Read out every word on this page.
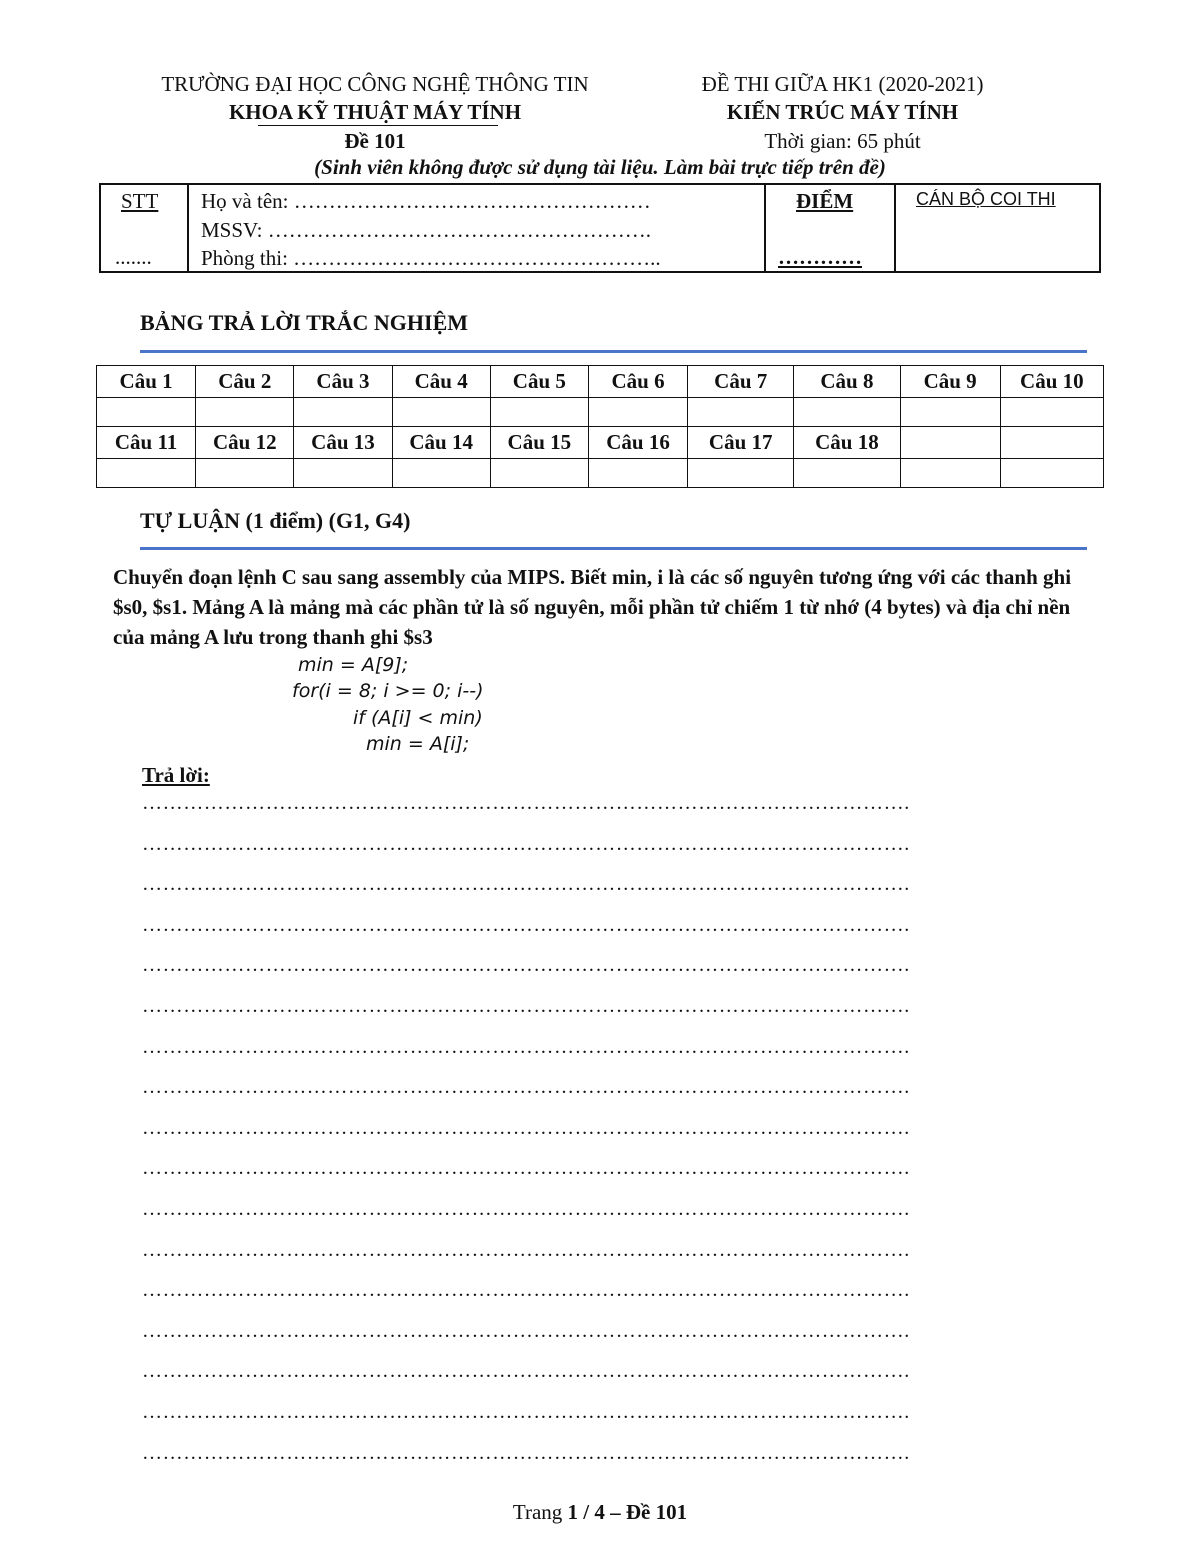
TRƯỜNG ĐẠI HỌC CÔNG NGHỆ THÔNG TIN
KHOA KỸ THUẬT MÁY TÍNH
Đề 101
ĐỀ THI GIỮA HK1 (2020-2021)
KIẾN TRÚC MÁY TÍNH
Thời gian: 65 phút
(Sinh viên không được sử dụng tài liệu. Làm bài trực tiếp trên đề)
STT
.......
Họ và tên: ……………………………………………
MSSV: ……………………………………………….
Phòng thi: ……………………………………………..
ĐIỂM
…………
CÁN BỘ COI THI
BẢNG TRẢ LỜI TRẮC NGHIỆM
Câu 1	Câu 2	Câu 3	Câu 4	Câu 5	Câu 6	Câu 7	Câu 8	Câu 9	Câu 10

Câu 11	Câu 12	Câu 13	Câu 14	Câu 15	Câu 16	Câu 17	Câu 18		

TỰ LUẬN (1 điểm) (G1, G4)
Chuyển đoạn lệnh C sau sang assembly của MIPS. Biết min, i là các số nguyên tương ứng với các thanh ghi $s0, $s1. Mảng A là mảng mà các phần tử là số nguyên, mỗi phần tử chiếm 1 từ nhớ (4 bytes) và địa chỉ nền của mảng A lưu trong thanh ghi $s3
min = A[9];
for(i = 8; i >= 0; i--)
if (A[i] < min)
min = A[i];
Trả lời:
………………………………………………………………………………………………….
………………………………………………………………………………………………….
………………………………………………………………………………………………….
………………………………………………………………………………………………….
………………………………………………………………………………………………….
………………………………………………………………………………………………….
………………………………………………………………………………………………….
………………………………………………………………………………………………….
………………………………………………………………………………………………….
………………………………………………………………………………………………….
………………………………………………………………………………………………….
………………………………………………………………………………………………….
………………………………………………………………………………………………….
………………………………………………………………………………………………….
………………………………………………………………………………………………….
………………………………………………………………………………………………….
………………………………………………………………………………………………….
Trang 1 / 4 – Đề 101
